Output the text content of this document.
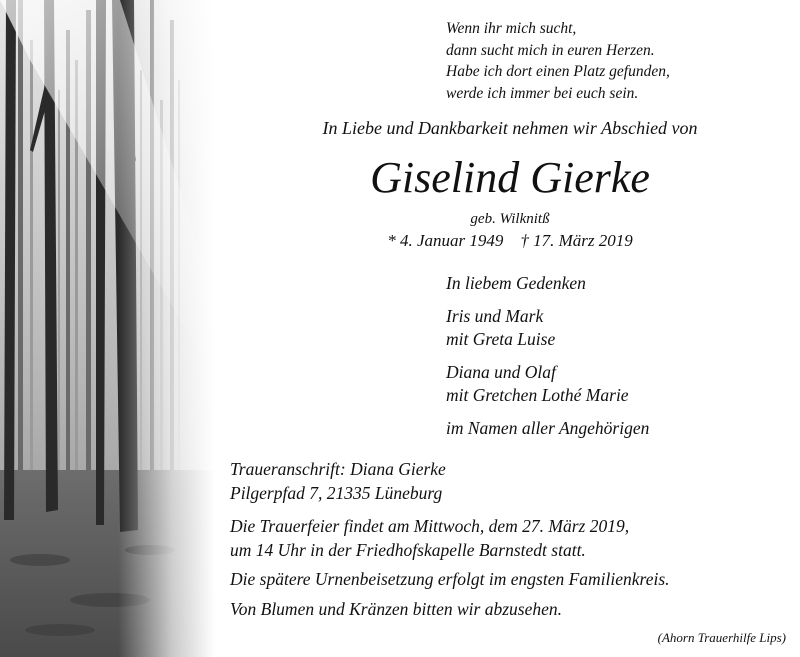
Wenn ihr mich sucht,
dann sucht mich in euren Herzen.
Habe ich dort einen Platz gefunden,
werde ich immer bei euch sein.
In Liebe und Dankbarkeit nehmen wir Abschied von
Giselind Gierke
geb. Wilknitß
* 4. Januar 1949    † 17. März 2019
In liebem Gedenken
Iris und Mark
mit Greta Luise
Diana und Olaf
mit Gretchen Lothé Marie
im Namen aller Angehörigen
Traueranschrift: Diana Gierke
Pilgerpfad 7, 21335 Lüneburg
Die Trauerfeier findet am Mittwoch, dem 27. März 2019,
um 14 Uhr in der Friedhofskapelle Barnstedt statt.
Die spätere Urnenbeisetzung erfolgt im engsten Familienkreis.
Von Blumen und Kränzen bitten wir abzusehen.
(Ahorn Trauerhilfe Lips)
